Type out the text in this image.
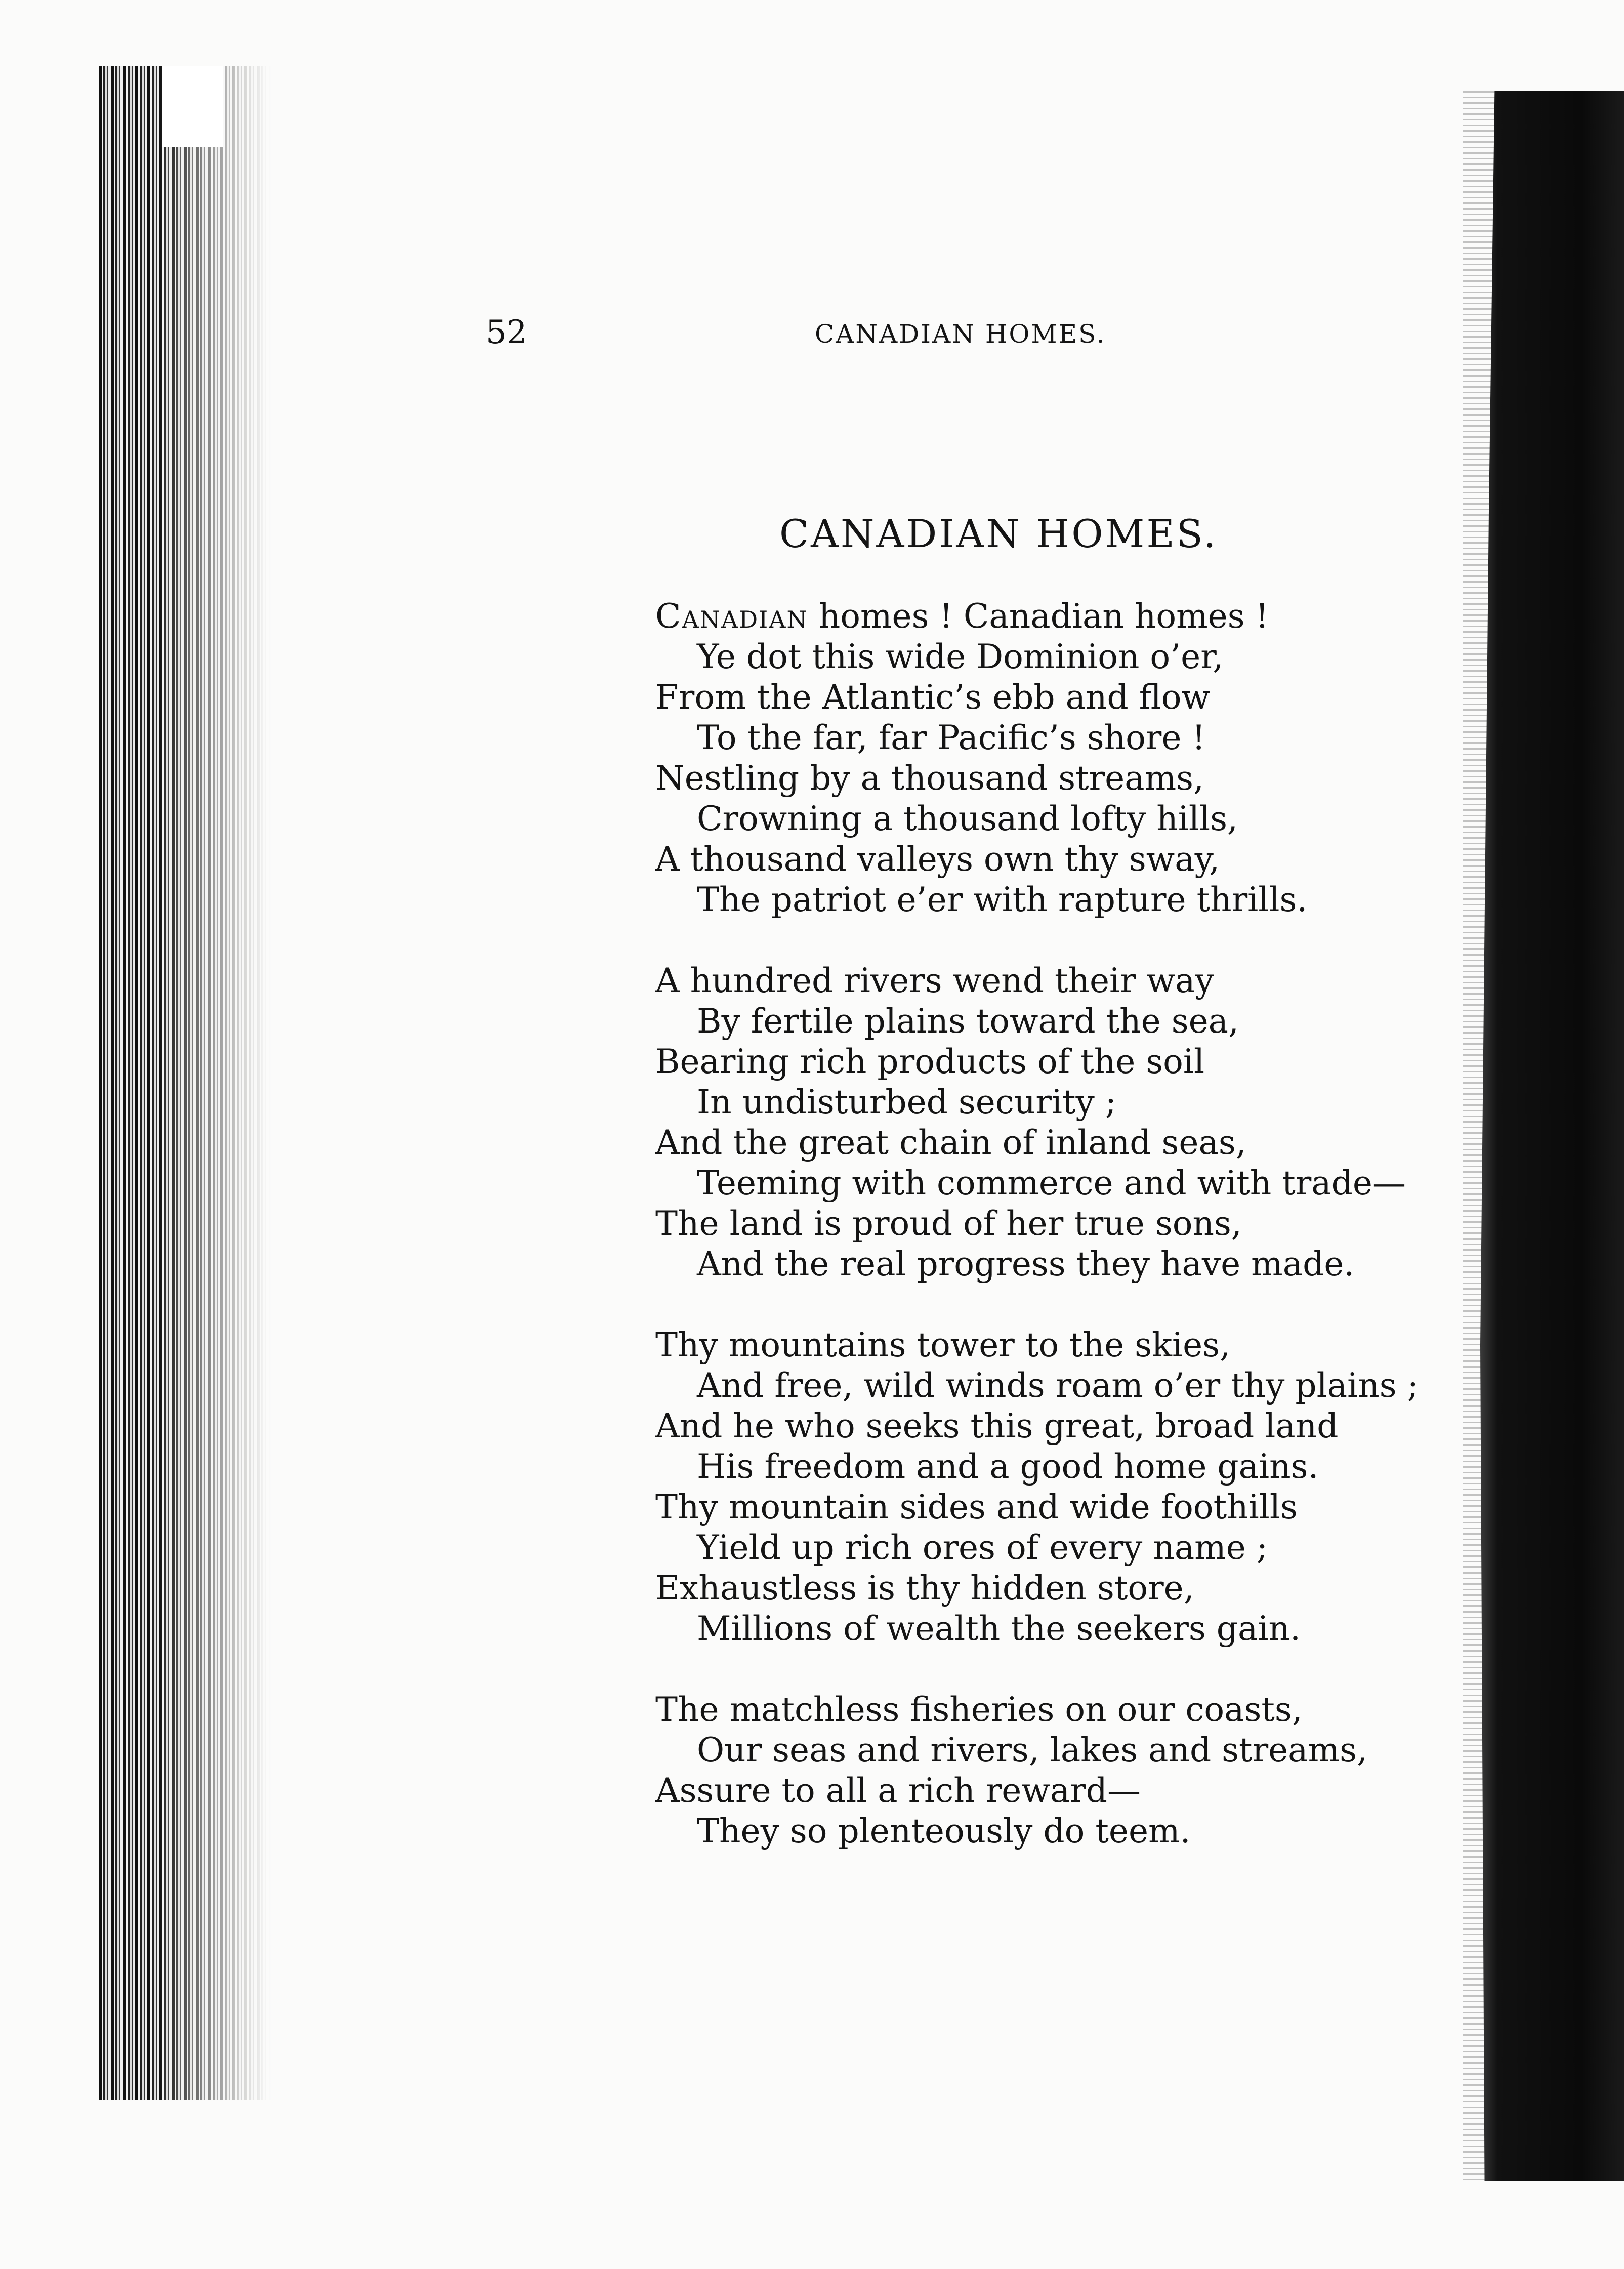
52	CANADIAN HOMES.
CANADIAN HOMES.
Canadian homes ! Canadian homes !
Ye dot this wide Dominion o’er,
From the Atlantic’s ebb and flow
To the far, far Pacific’s shore !
Nestling by a thousand streams,
Crowning a thousand lofty hills,
A thousand valleys own thy sway,
The patriot e’er with rapture thrills.
A hundred rivers wend their way
By fertile plains toward the sea,
Bearing rich products of the soil
In undisturbed security ;
And the great chain of inland seas,
Teeming with commerce and with trade—
The land is proud of her true sons,
And the real progress they have made.
Thy mountains tower to the skies,
And free, wild winds roam o’er thy plains ;
And he who seeks this great, broad land
His freedom and a good home gains.
Thy mountain sides and wide foothills
Yield up rich ores of every name ;
Exhaustless is thy hidden store,
Millions of wealth the seekers gain.
The matchless fisheries on our coasts,
Our seas and rivers, lakes and streams,
Assure to all a rich reward—
They so plenteously do teem.
